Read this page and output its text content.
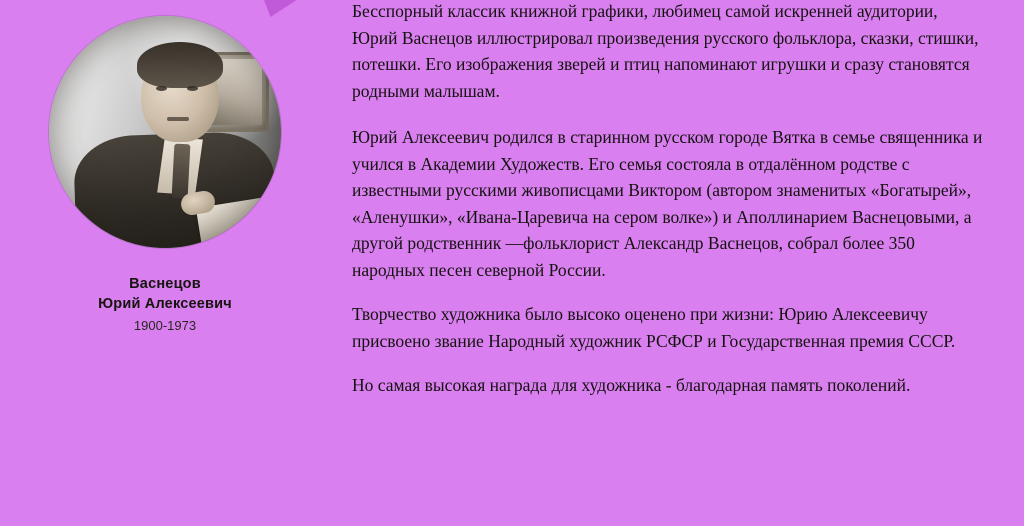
Васнецов
Юрий Алексеевич
1900-1973

Бесспорный классик книжной графики, любимец самой искренней аудитории, Юрий Васнецов иллюстрировал произведения русского фольклора, сказки, стишки, потешки. Его изображения зверей и птиц напоминают игрушки и сразу становятся родными малышам.

Юрий Алексеевич родился в старинном русском городе Вятка в семье священника и учился в Академии Художеств. Его семья состояла в отдалённом родстве с известными русскими живописцами Виктором (автором знаменитых «Богатырей», «Аленушки», «Ивана-Царевича на сером волке») и Аполлинарием Васнецовыми, а другой родственник —фольклорист Александр Васнецов, собрал более 350 народных песен северной России.

Творчество художника было высоко оценено при жизни: Юрию Алексеевичу присвоено звание Народный художник РСФСР и Государственная премия СССР.

Но самая высокая награда для художника - благодарная память поколений.
